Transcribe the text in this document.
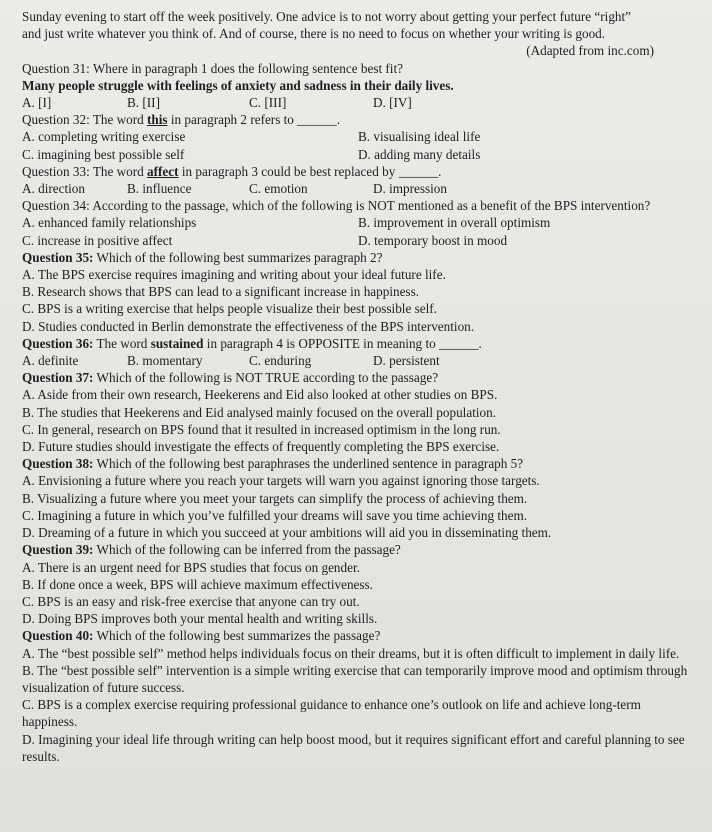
Sunday evening to start off the week positively. One advice is to not worry about getting your perfect future “right”
and just write whatever you think of. And of course, there is no need to focus on whether your writing is good.
(Adapted from inc.com)
Question 31: Where in paragraph 1 does the following sentence best fit?
Many people struggle with feelings of anxiety and sadness in their daily lives.
A. [I]	B. [II]	C. [III]	D. [IV]
Question 32: The word this in paragraph 2 refers to ______.
A. completing writing exercise	B. visualising ideal life
C. imagining best possible self	D. adding many details
Question 33: The word affect in paragraph 3 could be best replaced by ______.
A. direction	B. influence	C. emotion	D. impression
Question 34: According to the passage, which of the following is NOT mentioned as a benefit of the BPS intervention?
A. enhanced family relationships	B. improvement in overall optimism
C. increase in positive affect	D. temporary boost in mood
Question 35: Which of the following best summarizes paragraph 2?
A. The BPS exercise requires imagining and writing about your ideal future life.
B. Research shows that BPS can lead to a significant increase in happiness.
C. BPS is a writing exercise that helps people visualize their best possible self.
D. Studies conducted in Berlin demonstrate the effectiveness of the BPS intervention.
Question 36: The word sustained in paragraph 4 is OPPOSITE in meaning to ______.
A. definite	B. momentary	C. enduring	D. persistent
Question 37: Which of the following is NOT TRUE according to the passage?
A. Aside from their own research, Heekerens and Eid also looked at other studies on BPS.
B. The studies that Heekerens and Eid analysed mainly focused on the overall population.
C. In general, research on BPS found that it resulted in increased optimism in the long run.
D. Future studies should investigate the effects of frequently completing the BPS exercise.
Question 38: Which of the following best paraphrases the underlined sentence in paragraph 5?
A. Envisioning a future where you reach your targets will warn you against ignoring those targets.
B. Visualizing a future where you meet your targets can simplify the process of achieving them.
C. Imagining a future in which you’ve fulfilled your dreams will save you time achieving them.
D. Dreaming of a future in which you succeed at your ambitions will aid you in disseminating them.
Question 39: Which of the following can be inferred from the passage?
A. There is an urgent need for BPS studies that focus on gender.
B. If done once a week, BPS will achieve maximum effectiveness.
C. BPS is an easy and risk-free exercise that anyone can try out.
D. Doing BPS improves both your mental health and writing skills.
Question 40: Which of the following best summarizes the passage?
A. The “best possible self” method helps individuals focus on their dreams, but it is often difficult to implement in daily life.
B. The “best possible self” intervention is a simple writing exercise that can temporarily improve mood and optimism through visualization of future success.
C. BPS is a complex exercise requiring professional guidance to enhance one’s outlook on life and achieve long-term happiness.
D. Imagining your ideal life through writing can help boost mood, but it requires significant effort and careful planning to see results.
